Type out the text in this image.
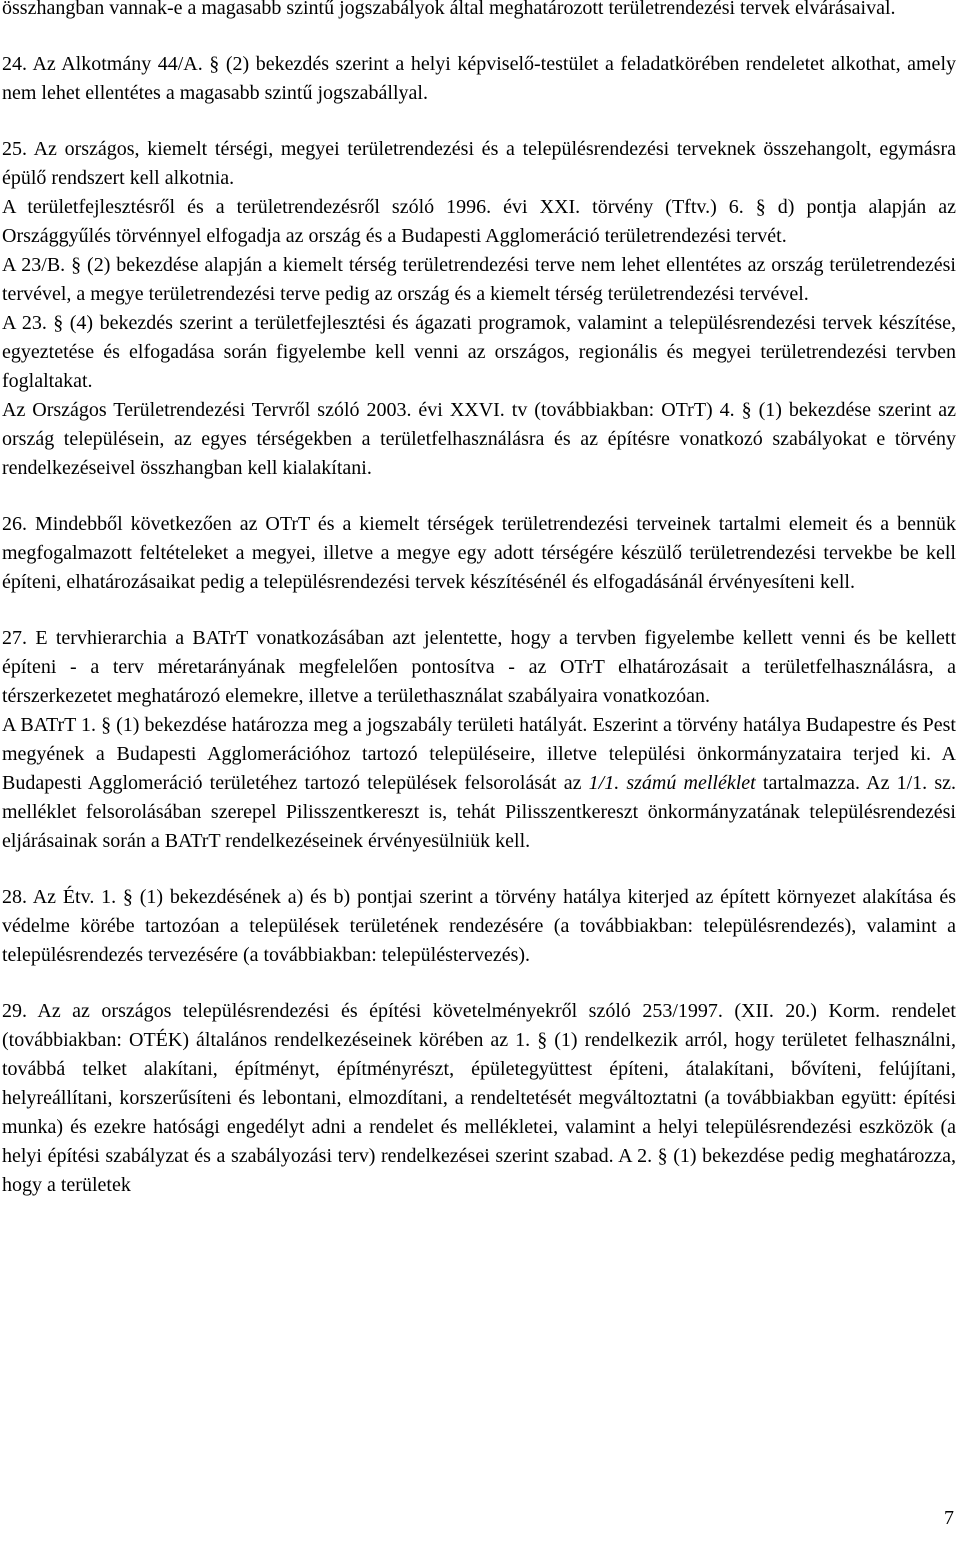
összhangban vannak-e a magasabb szintű jogszabályok által meghatározott területrendezési tervek elvárásaival.

24. Az Alkotmány 44/A. § (2) bekezdés szerint a helyi képviselő-testület a feladatkörében rendeletet alkothat, amely nem lehet ellentétes a magasabb szintű jogszabállyal.

25. Az országos, kiemelt térségi, megyei területrendezési és a településrendezési terveknek összehangolt, egymásra épülő rendszert kell alkotnia.

A területfejlesztésről és a területrendezésről szóló 1996. évi XXI. törvény (Tftv.) 6. § d) pontja alapján az Országgyűlés törvénnyel elfogadja az ország és a Budapesti Agglomeráció területrendezési tervét.

A 23/B. § (2) bekezdése alapján a kiemelt térség területrendezési terve nem lehet ellentétes az ország területrendezési tervével, a megye területrendezési terve pedig az ország és a kiemelt térség területrendezési tervével.

A 23. § (4) bekezdés szerint a területfejlesztési és ágazati programok, valamint a településrendezési tervek készítése, egyeztetése és elfogadása során figyelembe kell venni az országos, regionális és megyei területrendezési tervben foglaltakat.

Az Országos Területrendezési Tervről szóló 2003. évi XXVI. tv (továbbiakban: OTrT) 4. § (1) bekezdése szerint az ország településein, az egyes térségekben a területfelhasználásra és az építésre vonatkozó szabályokat e törvény rendelkezéseivel összhangban kell kialakítani.

26. Mindebből következően az OTrT és a kiemelt térségek területrendezési terveinek tartalmi elemeit és a bennük megfogalmazott feltételeket a megyei, illetve a megye egy adott térségére készülő területrendezési tervekbe be kell építeni, elhatározásaikat pedig a településrendezési tervek készítésénél és elfogadásánál érvényesíteni kell.

27. E tervhierarchia a BATrT vonatkozásában azt jelentette, hogy a tervben figyelembe kellett venni és be kellett építeni - a terv méretarányának megfelelően pontosítva - az OTrT elhatározásait a területfelhasználásra, a térszerkezetet meghatározó elemekre, illetve a területhasználat szabályaira vonatkozóan.

A BATrT 1. § (1) bekezdése határozza meg a jogszabály területi hatályát. Eszerint a törvény hatálya Budapestre és Pest megyének a Budapesti Agglomerációhoz tartozó településeire, illetve települési önkormányzataira terjed ki. A Budapesti Agglomeráció területéhez tartozó települések felsorolását az 1/1. számú melléklet tartalmazza. Az 1/1. sz. melléklet felsorolásában szerepel Pilisszentkereszt is, tehát Pilisszentkereszt önkormányzatának településrendezési eljárásainak során a BATrT rendelkezéseinek érvényesülniük kell.

28. Az Étv. 1. § (1) bekezdésének a) és b) pontjai szerint a törvény hatálya kiterjed az épített környezet alakítása és védelme körébe tartozóan a települések területének rendezésére (a továbbiakban: településrendezés), valamint a településrendezés tervezésére (a továbbiakban: településtervezés).

29. Az az országos településrendezési és építési követelményekről szóló 253/1997. (XII. 20.) Korm. rendelet (továbbiakban: OTÉK) általános rendelkezéseinek körében az 1. § (1) rendelkezik arról, hogy területet felhasználni, továbbá telket alakítani, építményt, építményrészt, épületegyüttest építeni, átalakítani, bővíteni, felújítani, helyreállítani, korszerűsíteni és lebontani, elmozdítani, a rendeltetését megváltoztatni (a továbbiakban együtt: építési munka) és ezekre hatósági engedélyt adni a rendelet és mellékletei, valamint a helyi településrendezési eszközök (a helyi építési szabályzat és a szabályozási terv) rendelkezései szerint szabad. A 2. § (1) bekezdése pedig meghatározza, hogy a területek

7
